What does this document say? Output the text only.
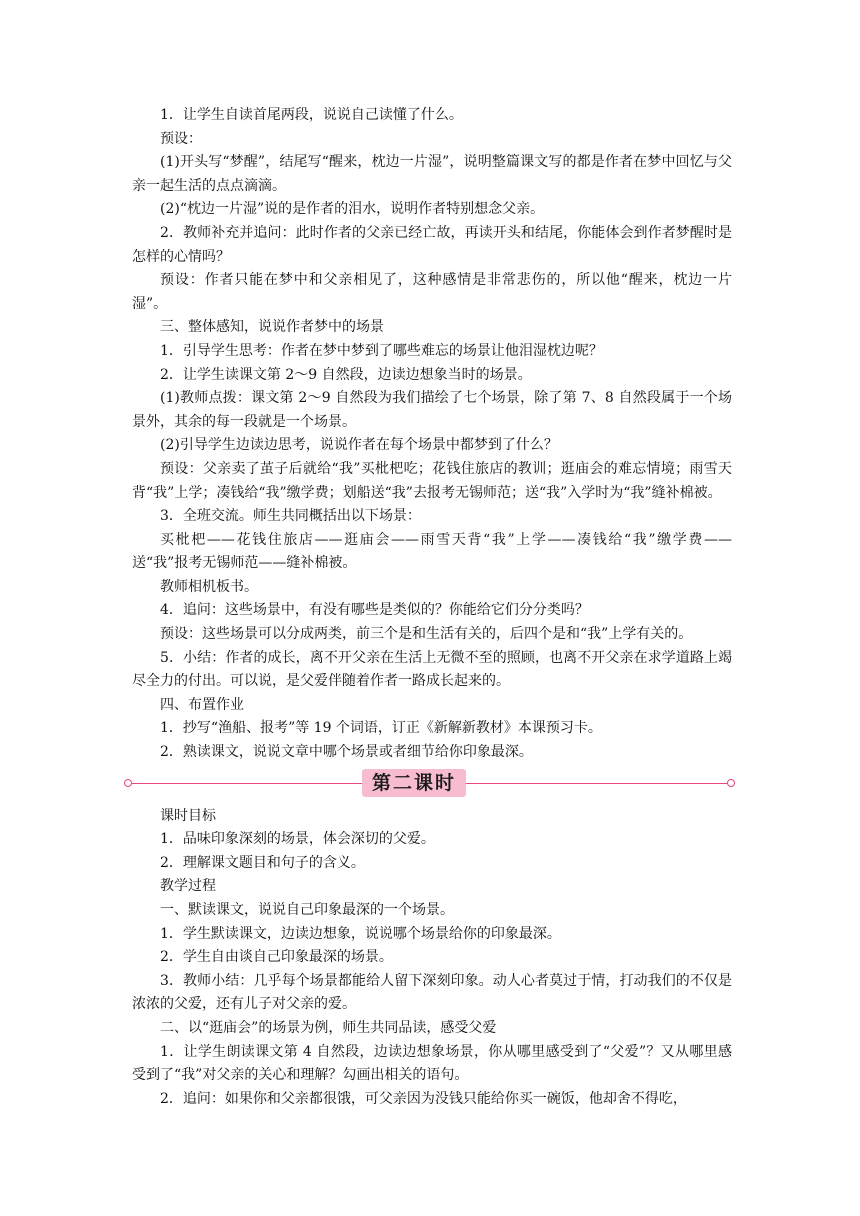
1．让学生自读首尾两段，说说自己读懂了什么。

预设：

(1)开头写“梦醒”，结尾写“醒来，枕边一片湿”，说明整篇课文写的都是作者在梦中回忆与父亲一起生活的点点滴滴。

(2)“枕边一片湿”说的是作者的泪水，说明作者特别想念父亲。

2．教师补充并追问：此时作者的父亲已经亡故，再读开头和结尾，你能体会到作者梦醒时是怎样的心情吗？

预设：作者只能在梦中和父亲相见了，这种感情是非常悲伤的，所以他“醒来，枕边一片湿”。

三、整体感知，说说作者梦中的场景

1．引导学生思考：作者在梦中梦到了哪些难忘的场景让他泪湿枕边呢？

2．让学生读课文第 2～9 自然段，边读边想象当时的场景。

(1)教师点拨：课文第 2～9 自然段为我们描绘了七个场景，除了第 7、8 自然段属于一个场景外，其余的每一段就是一个场景。

(2)引导学生边读边思考，说说作者在每个场景中都梦到了什么？

预设：父亲卖了茧子后就给“我”买枇杷吃；花钱住旅店的教训；逛庙会的难忘情境；雨雪天背“我”上学；凑钱给“我”缴学费；划船送“我”去报考无锡师范；送“我”入学时为“我”缝补棉被。

3．全班交流。师生共同概括出以下场景：

买枇杷——花钱住旅店——逛庙会——雨雪天背“我”上学——凑钱给“我”缴学费——送“我”报考无锡师范——缝补棉被。

教师相机板书。

4．追问：这些场景中，有没有哪些是类似的？你能给它们分分类吗？

预设：这些场景可以分成两类，前三个是和生活有关的，后四个是和“我”上学有关的。

5．小结：作者的成长，离不开父亲在生活上无微不至的照顾，也离不开父亲在求学道路上竭尽全力的付出。可以说，是父爱伴随着作者一路成长起来的。

四、布置作业

1．抄写“渔船、报考”等 19 个词语，订正《新解新教材》本课预习卡。

2．熟读课文，说说文章中哪个场景或者细节给你印象最深。

第二课时

课时目标

1．品味印象深刻的场景，体会深切的父爱。

2．理解课文题目和句子的含义。

教学过程

一、默读课文，说说自己印象最深的一个场景。

1．学生默读课文，边读边想象，说说哪个场景给你的印象最深。

2．学生自由谈自己印象最深的场景。

3．教师小结：几乎每个场景都能给人留下深刻印象。动人心者莫过于情，打动我们的不仅是浓浓的父爱，还有儿子对父亲的爱。

二、以“逛庙会”的场景为例，师生共同品读，感受父爱

1．让学生朗读课文第 4 自然段，边读边想象场景，你从哪里感受到了“父爱”？又从哪里感受到了“我”对父亲的关心和理解？勾画出相关的语句。

2．追问：如果你和父亲都很饿，可父亲因为没钱只能给你买一碗饭，他却舍不得吃，
